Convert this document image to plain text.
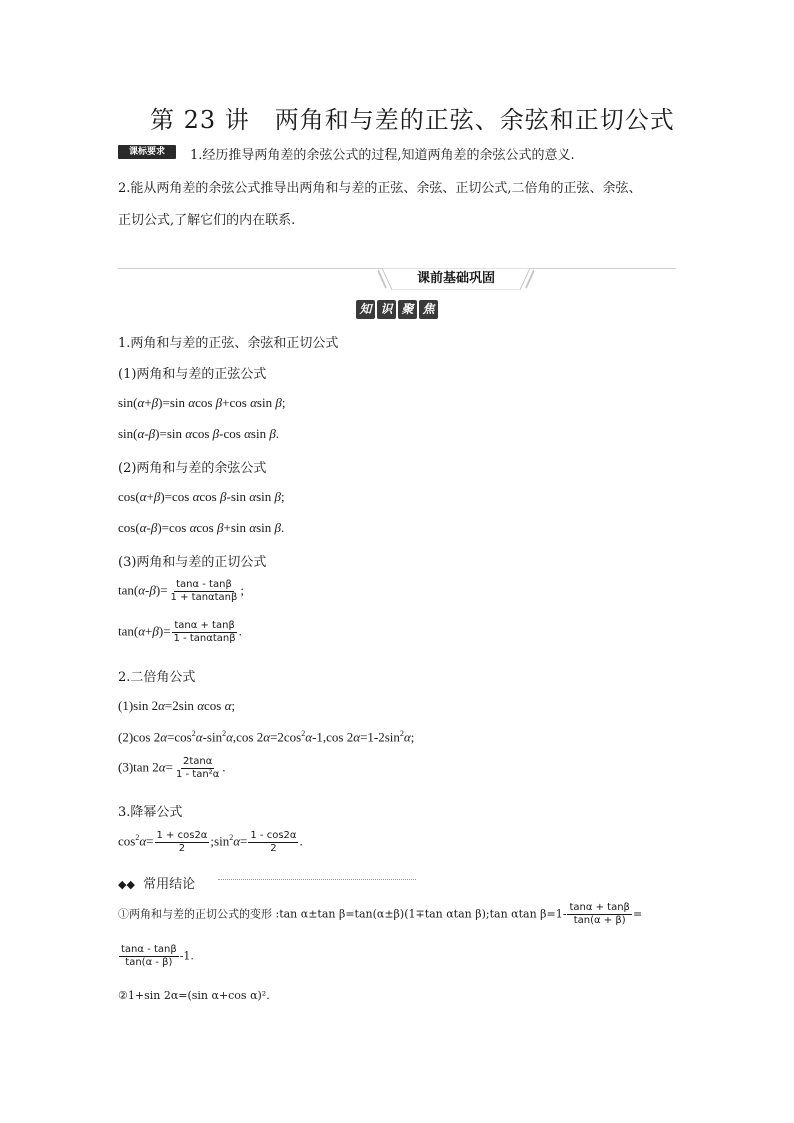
第 23 讲　两角和与差的正弦、余弦和正切公式
课标要求	1.经历推导两角差的余弦公式的过程,知道两角差的余弦公式的意义.
2.能从两角差的余弦公式推导出两角和与差的正弦、余弦、正切公式,二倍角的正弦、余弦、
正切公式,了解它们的内在联系.
课前基础巩固
知 识 聚 焦
1.两角和与差的正弦、余弦和正切公式
(1)两角和与差的正弦公式
sin(α+β)=sin αcos β+cos αsin β;
sin(α-β)=sin αcos β-cos αsin β.
(2)两角和与差的余弦公式
cos(α+β)=cos αcos β-sin αsin β;
cos(α-β)=cos αcos β+sin αsin β.
(3)两角和与差的正切公式
$\tan(\alpha-\beta)= \frac{\tan\alpha - \tan\beta}{1 + \tan\alpha\tan\beta}$ ;
$\tan(\alpha+\beta)= \frac{\tan\alpha + \tan\beta}{1 - \tan\alpha\tan\beta}$ .
2.二倍角公式
(1)sin 2α=2sin αcos α;
(2)cos $2\alpha=\cos^2\alpha-\sin^2\alpha,\cos$ $2\alpha=2\cos^2\alpha-1,\cos$ $2\alpha=1-2\sin^2\alpha$;
(3)tan $2\alpha= \frac{2\tan\alpha}{\text{1 - tan²α}}$ .
3.降幂公式
$\cos^2\alpha= \frac{1 + \cos 2\alpha}{2}$ $;\sin^2\alpha= \frac{1 - \cos 2\alpha}{2}$ .
◆◆ 常用结论
①两角和与差的正切公式的变形 :tan α±tan β=tan(α±β)(1∓tan αtan β);tan αtan $\beta=1- \frac{\tan\alpha + \tan\beta}{\tan(\alpha + \beta)}$ =
$\frac{\tan\alpha - \tan\beta}{\tan(\alpha - \beta)} -1$.
②1+sin 2α=(sin α+cos α)².
